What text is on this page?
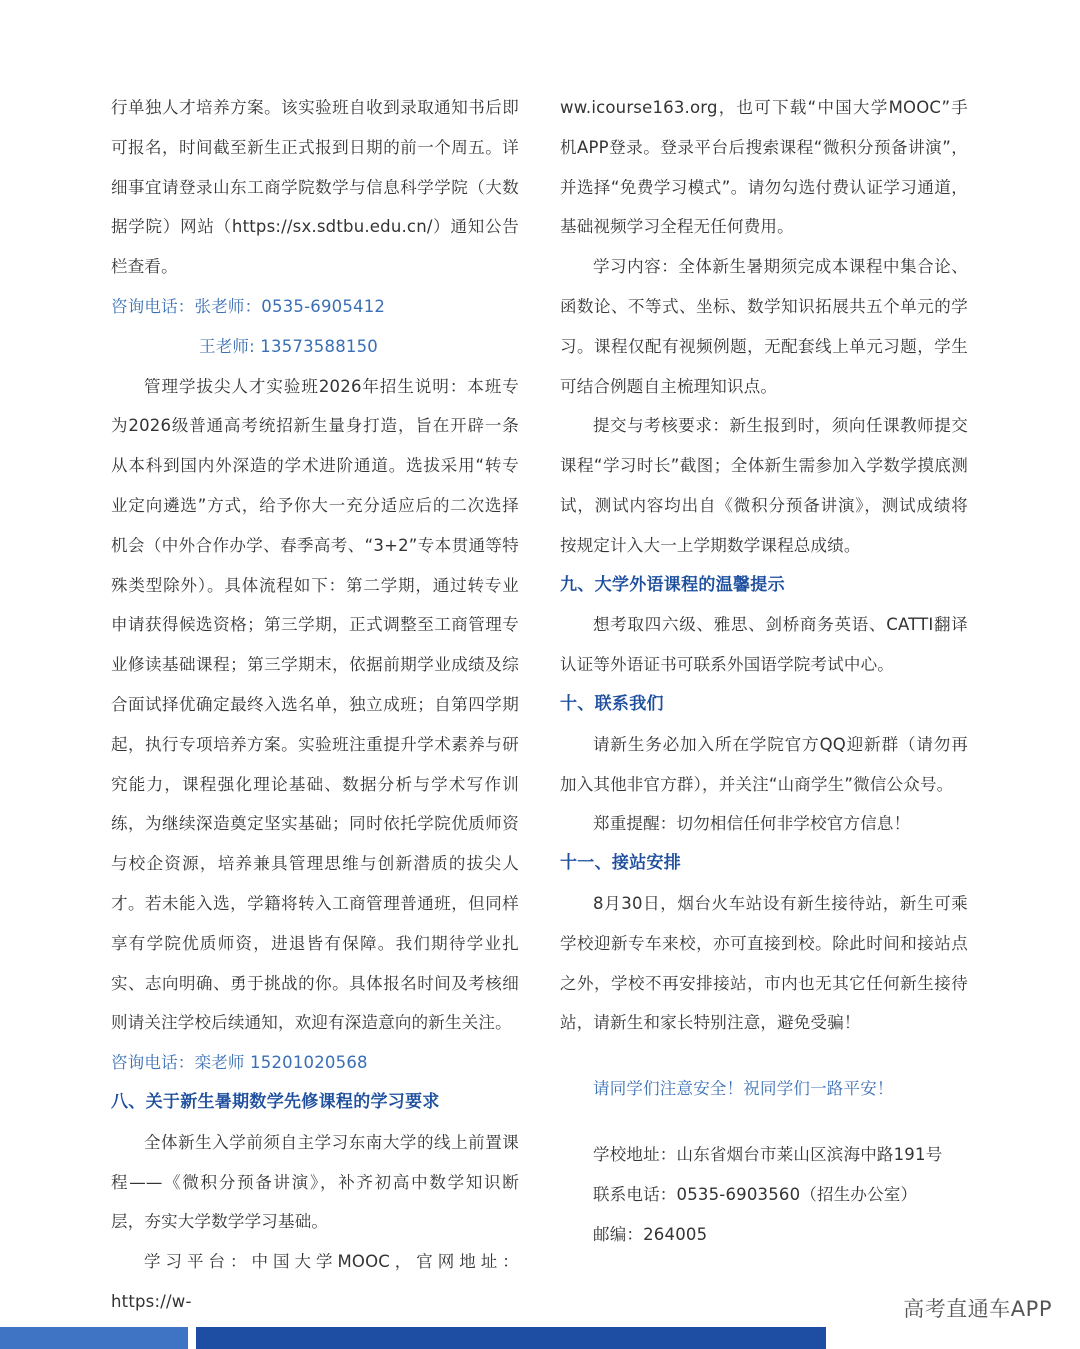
行单独人才培养方案。该实验班自收到录取通知书后即可报名，时间截至新生正式报到日期的前一个周五。详细事宜请登录山东工商学院数学与信息科学学院（大数据学院）网站（https://sx.sdtbu.edu.cn/）通知公告栏查看。
咨询电话：张老师：0535-6905412
王老师: 13573588150
管理学拔尖人才实验班2026年招生说明：本班专为2026级普通高考统招新生量身打造，旨在开辟一条从本科到国内外深造的学术进阶通道。选拔采用“转专业定向遴选”方式，给予你大一充分适应后的二次选择机会（中外合作办学、春季高考、“3+2”专本贯通等特殊类型除外）。具体流程如下：第二学期，通过转专业申请获得候选资格；第三学期，正式调整至工商管理专业修读基础课程；第三学期末，依据前期学业成绩及综合面试择优确定最终入选名单，独立成班；自第四学期起，执行专项培养方案。实验班注重提升学术素养与研究能力，课程强化理论基础、数据分析与学术写作训练，为继续深造奠定坚实基础；同时依托学院优质师资与校企资源，培养兼具管理思维与创新潜质的拔尖人才。若未能入选，学籍将转入工商管理普通班，但同样享有学院优质师资，进退皆有保障。我们期待学业扎实、志向明确、勇于挑战的你。具体报名时间及考核细则请关注学校后续通知，欢迎有深造意向的新生关注。
咨询电话：栾老师 15201020568
八、关于新生暑期数学先修课程的学习要求
全体新生入学前须自主学习东南大学的线上前置课程——《微积分预备讲演》，补齐初高中数学知识断层，夯实大学数学学习基础。
学习平台：中国大学MOOC，官网地址：https://w-
ww.icourse163.org，也可下载“中国大学MOOC”手机APP登录。登录平台后搜索课程“微积分预备讲演”，并选择“免费学习模式”。请勿勾选付费认证学习通道，基础视频学习全程无任何费用。
学习内容：全体新生暑期须完成本课程中集合论、函数论、不等式、坐标、数学知识拓展共五个单元的学习。课程仅配有视频例题，无配套线上单元习题，学生可结合例题自主梳理知识点。
提交与考核要求：新生报到时，须向任课教师提交课程“学习时长”截图；全体新生需参加入学数学摸底测试，测试内容均出自《微积分预备讲演》，测试成绩将按规定计入大一上学期数学课程总成绩。
九、大学外语课程的温馨提示
想考取四六级、雅思、剑桥商务英语、CATTI翻译认证等外语证书可联系外国语学院考试中心。
十、联系我们
请新生务必加入所在学院官方QQ迎新群（请勿再加入其他非官方群），并关注“山商学生”微信公众号。
郑重提醒：切勿相信任何非学校官方信息！
十一、接站安排
8月30日，烟台火车站设有新生接待站，新生可乘学校迎新专车来校，亦可直接到校。除此时间和接站点之外，学校不再安排接站，市内也无其它任何新生接待站，请新生和家长特别注意，避免受骗！
请同学们注意安全！祝同学们一路平安！
学校地址：山东省烟台市莱山区滨海中路191号
联系电话：0535-6903560（招生办公室）
邮编：264005
高考直通车APP
